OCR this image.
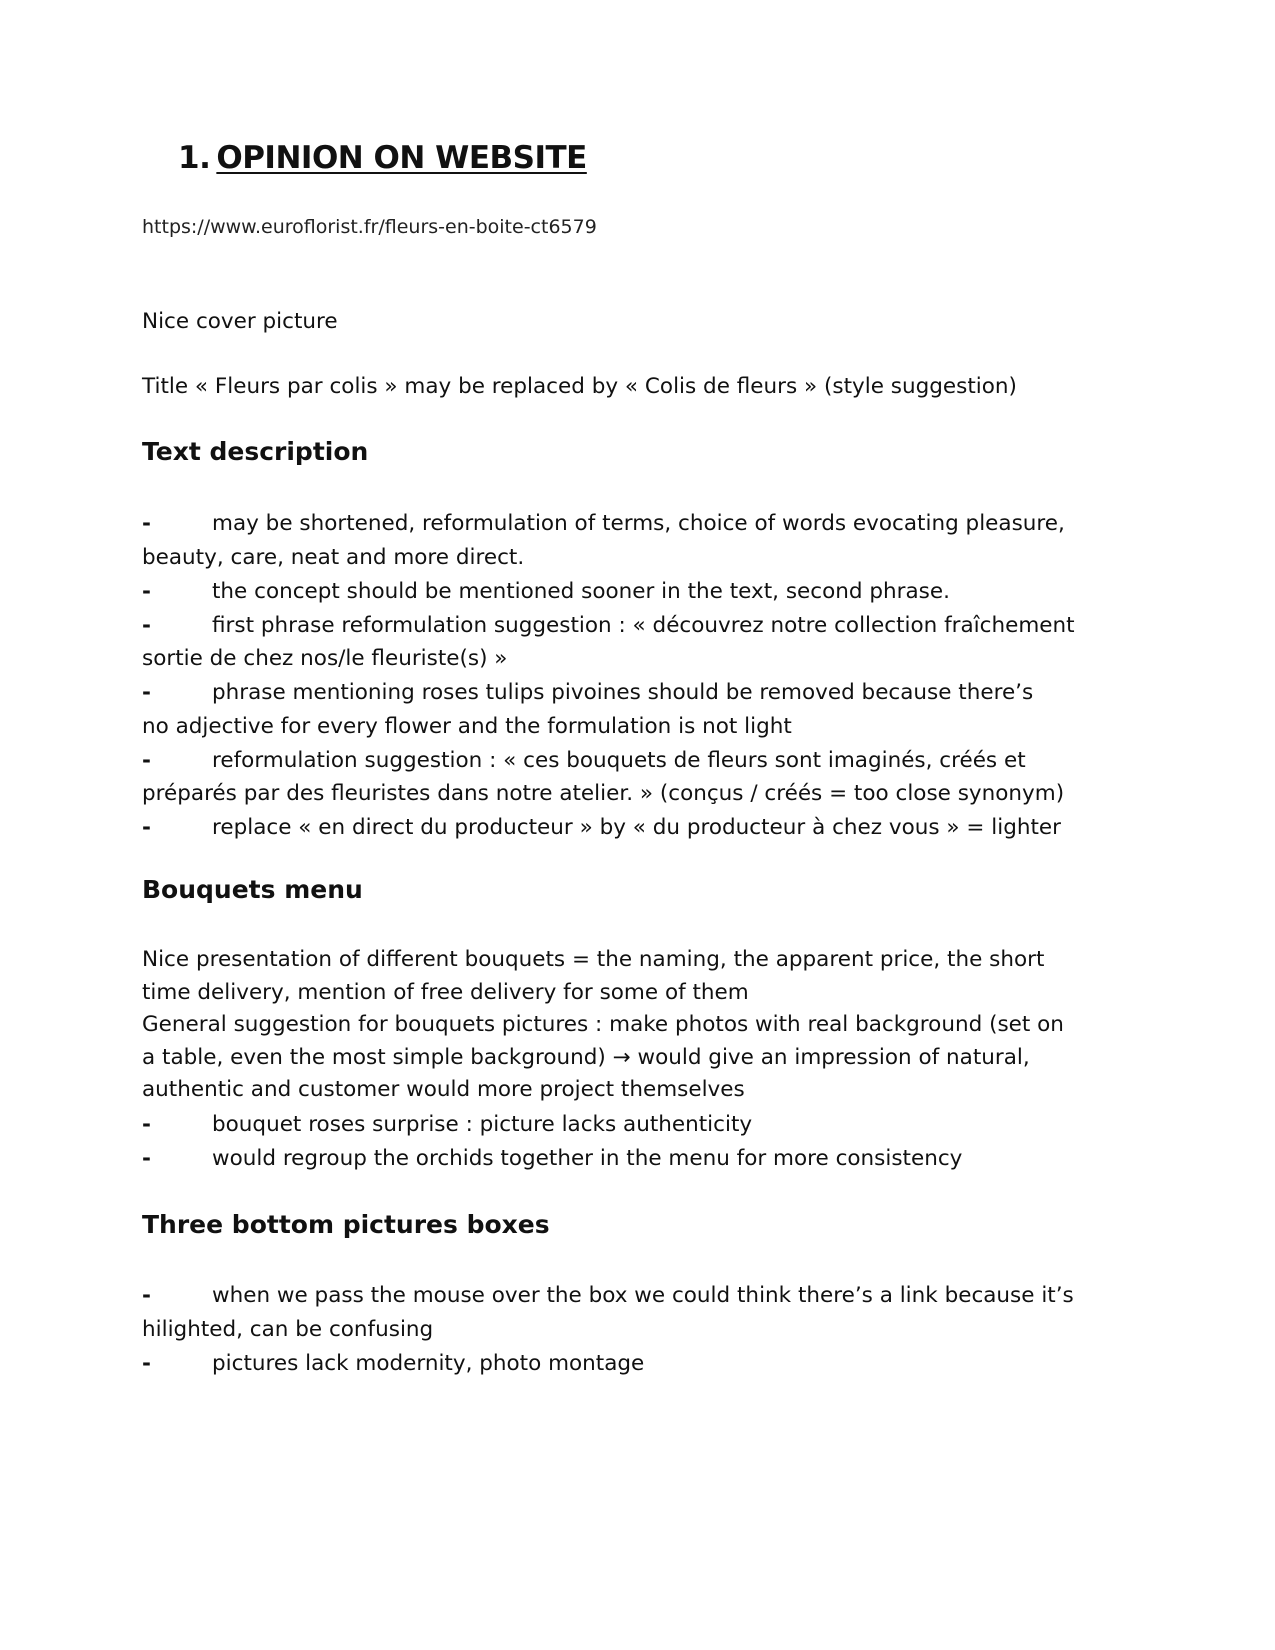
1. OPINION ON WEBSITE
https://www.euroflorist.fr/fleurs-en-boite-ct6579
Nice cover picture
Title « Fleurs par colis » may be replaced by « Colis de fleurs » (style suggestion)
Text description
-	may be shortened, reformulation of terms, choice of words evocating pleasure,
beauty, care, neat and more direct.
-	the concept should be mentioned sooner in the text, second phrase.
-	first phrase reformulation suggestion : « découvrez notre collection fraîchement
sortie de chez nos/le fleuriste(s) »
-	phrase mentioning roses tulips pivoines should be removed because there’s
no adjective for every flower and the formulation is not light
-	reformulation suggestion : « ces bouquets de fleurs sont imaginés, créés et
préparés par des fleuristes dans notre atelier. » (conçus / créés = too close synonym)
-	replace « en direct du producteur » by « du producteur à chez vous » = lighter
Bouquets menu
Nice presentation of different bouquets = the naming, the apparent price, the short
time delivery, mention of free delivery for some of them
General suggestion for bouquets pictures : make photos with real background (set on
a table, even the most simple background) → would give an impression of natural,
authentic and customer would more project themselves
-	bouquet roses surprise : picture lacks authenticity
-	would regroup the orchids together in the menu for more consistency
Three bottom pictures boxes
-	when we pass the mouse over the box we could think there’s a link because it’s
hilighted, can be confusing
-	pictures lack modernity, photo montage
